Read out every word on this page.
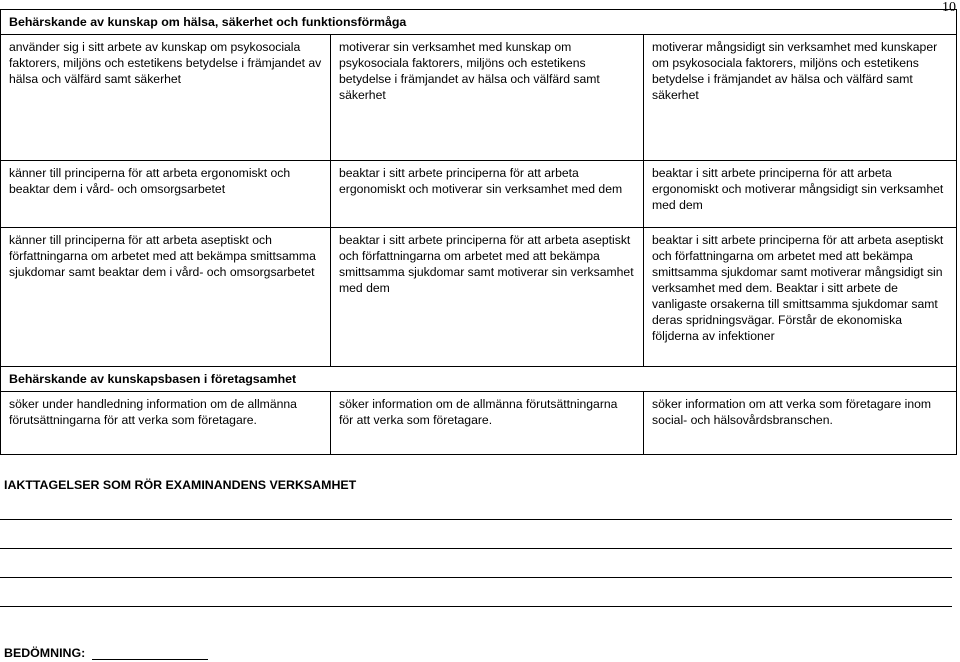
10
Behärskande av kunskap om hälsa, säkerhet och funktionsförmåga		
använder sig i sitt arbete av kunskap om psykosociala faktorers, miljöns och estetikens betydelse i främjandet av hälsa och välfärd samt säkerhet	motiverar sin verksamhet med kunskap om psykosociala faktorers, miljöns och estetikens betydelse i främjandet av hälsa och välfärd samt säkerhet	motiverar mångsidigt sin verksamhet med kunskaper om psykosociala faktorers, miljöns och estetikens betydelse i främjandet av hälsa och välfärd samt säkerhet
känner till principerna för att arbeta ergonomiskt och beaktar dem i vård- och omsorgsarbetet	beaktar i sitt arbete principerna för att arbeta ergonomiskt och motiverar sin verksamhet med dem	beaktar i sitt arbete principerna för att arbeta ergonomiskt och motiverar mångsidigt sin verksamhet med dem
känner till principerna för att arbeta aseptiskt och författningarna om arbetet med att bekämpa smittsamma sjukdomar samt beaktar dem i vård- och omsorgsarbetet	beaktar i sitt arbete principerna för att arbeta aseptiskt och författningarna om arbetet med att bekämpa smittsamma sjukdomar samt motiverar sin verksamhet med dem	beaktar i sitt arbete principerna för att arbeta aseptiskt och författningarna om arbetet med att bekämpa smittsamma sjukdomar samt motiverar mångsidigt sin verksamhet med dem. Beaktar i sitt arbete de vanligaste orsakerna till smittsamma sjukdomar samt deras spridningsvägar. Förstår de ekonomiska följderna av infektioner
Behärskande av kunskapsbasen i företagsamhet		
söker under handledning information om de allmänna förutsättningarna för att verka som företagare.	söker information om de allmänna förutsättningarna för att verka som företagare.	söker information om att verka som företagare inom social- och hälsovårdsbranschen.
IAKTTAGELSER SOM RÖR EXAMINANDENS VERKSAMHET
BEDÖMNING:
